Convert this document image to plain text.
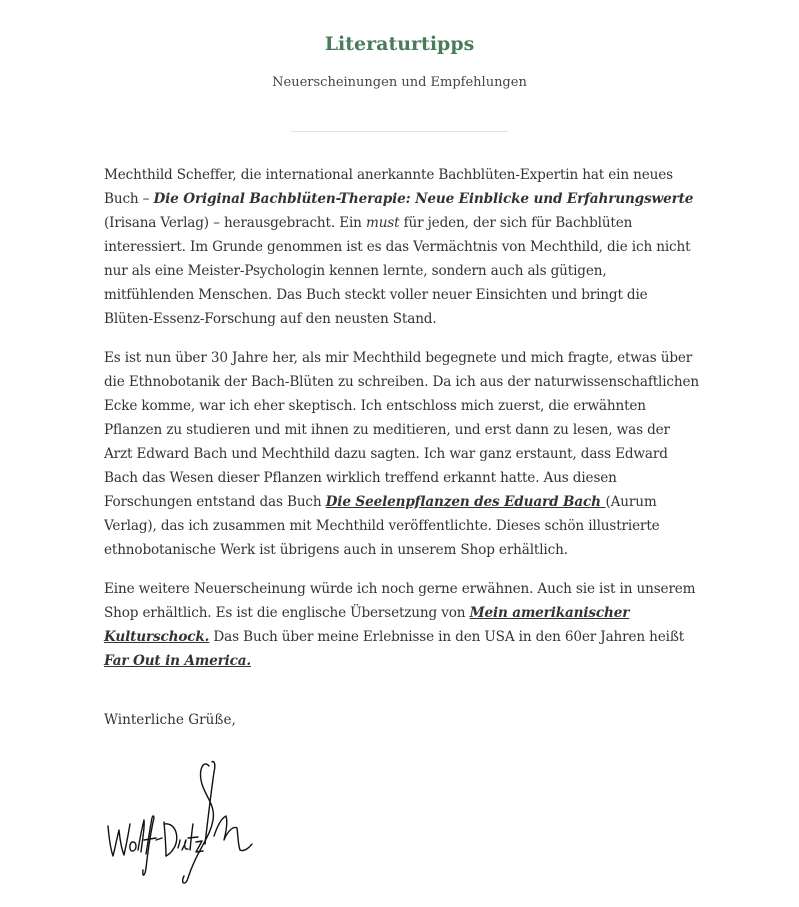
Literaturtipps

Neuerscheinungen und Empfehlungen

Mechthild Scheffer, die international anerkannte Bachblüten-Expertin hat ein neues Buch – Die Original Bachblüten-Therapie: Neue Einblicke und Erfahrungswerte (Irisana Verlag) – herausgebracht. Ein must für jeden, der sich für Bachblüten interessiert. Im Grunde genommen ist es das Vermächtnis von Mechthild, die ich nicht nur als eine Meister-Psychologin kennen lernte, sondern auch als gütigen, mitfühlenden Menschen. Das Buch steckt voller neuer Einsichten und bringt die Blüten-Essenz-Forschung auf den neusten Stand.

Es ist nun über 30 Jahre her, als mir Mechthild begegnete und mich fragte, etwas über die Ethnobotanik der Bach-Blüten zu schreiben. Da ich aus der naturwissenschaftlichen Ecke komme, war ich eher skeptisch. Ich entschloss mich zuerst, die erwähnten Pflanzen zu studieren und mit ihnen zu meditieren, und erst dann zu lesen, was der Arzt Edward Bach und Mechthild dazu sagten. Ich war ganz erstaunt, dass Edward Bach das Wesen dieser Pflanzen wirklich treffend erkannt hatte. Aus diesen Forschungen entstand das Buch Die Seelenpflanzen des Eduard Bach (Aurum Verlag), das ich zusammen mit Mechthild veröffentlichte. Dieses schön illustrierte ethnobotanische Werk ist übrigens auch in unserem Shop erhältlich.

Eine weitere Neuerscheinung würde ich noch gerne erwähnen. Auch sie ist in unserem Shop erhältlich. Es ist die englische Übersetzung von Mein amerikanischer Kulturschock. Das Buch über meine Erlebnisse in den USA in den 60er Jahren heißt Far Out in America.

Winterliche Grüße,

Wolf-Dieter Storl
